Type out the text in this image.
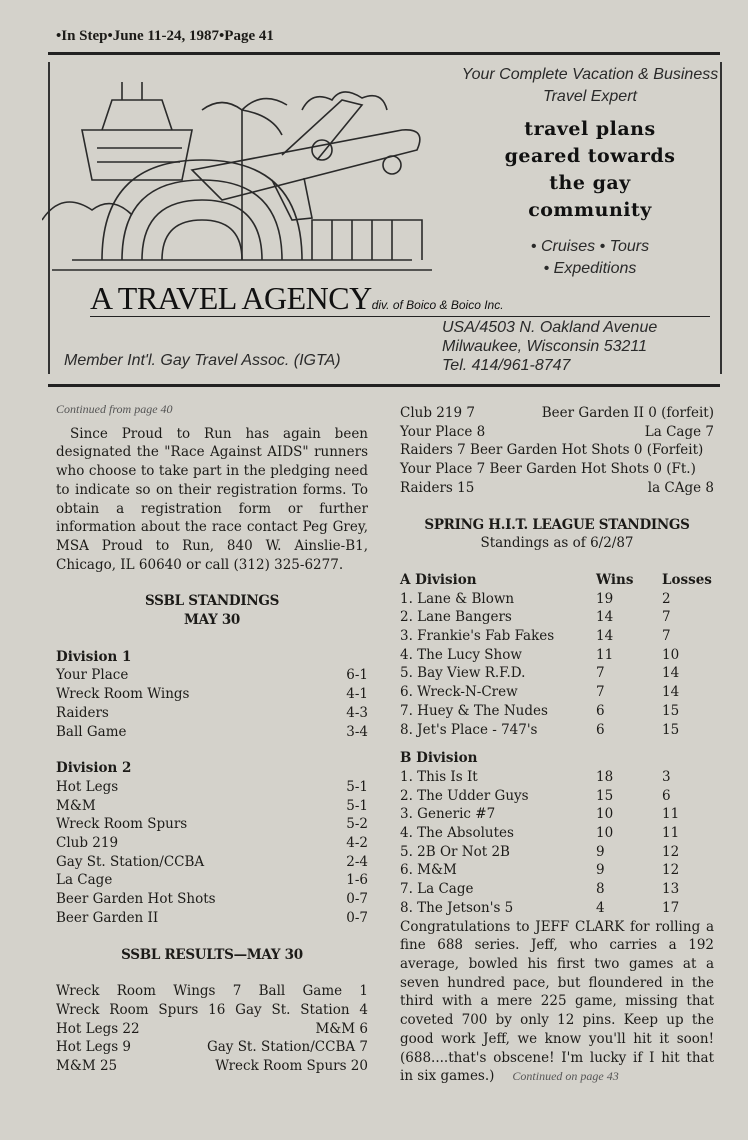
•In Step•June 11-24, 1987•Page 41
Your Complete Vacation & Business Travel Expert
travel plans
geared towards
the gay
community
• Cruises • Tours
• Expeditions
A TRAVEL AGENCYdiv. of Boico & Boico Inc.
Member Int'l. Gay Travel Assoc. (IGTA)
USA/4503 N. Oakland Avenue
Milwaukee, Wisconsin 53211
Tel. 414/961-8747
Continued from page 40
Since Proud to Run has again been designated the "Race Against AIDS" runners who choose to take part in the pledging need to indicate so on their registration forms. To obtain a registration form or further information about the race contact Peg Grey, MSA Proud to Run, 840 W. Ainslie-B1, Chicago, IL 60640 or call (312) 325-6277.
SSBL STANDINGS
MAY 30
Division 1
Your Place	6-1
Wreck Room Wings	4-1
Raiders	4-3
Ball Game	3-4
Division 2
Hot Legs	5-1
M&M	5-1
Wreck Room Spurs	5-2
Club 219	4-2
Gay St. Station/CCBA	2-4
La Cage	1-6
Beer Garden Hot Shots	0-7
Beer Garden II	0-7
SSBL RESULTS—MAY 30
Wreck Room Wings 7 Ball Game 1
Wreck Room Spurs 16 Gay St. Station 4
Hot Legs 22	M&M 6
Hot Legs 9	Gay St. Station/CCBA 7
M&M 25	Wreck Room Spurs 20
Club 219 7	Beer Garden II 0 (forfeit)
Your Place 8	La Cage 7
Raiders 7 Beer Garden Hot Shots 0 (Forfeit)
Your Place 7 Beer Garden Hot Shots 0 (Ft.)
Raiders 15	la CAge 8
SPRING H.I.T. LEAGUE STANDINGS
Standings as of 6/2/87
A Division	Wins	Losses
1. Lane & Blown	19	2
2. Lane Bangers	14	7
3. Frankie's Fab Fakes	14	7
4. The Lucy Show	11	10
5. Bay View R.F.D.	7	14
6. Wreck-N-Crew	7	14
7. Huey & The Nudes	6	15
8. Jet's Place - 747's	6	15
B Division		
1. This Is It	18	3
2. The Udder Guys	15	6
3. Generic #7	10	11
4. The Absolutes	10	11
5. 2B Or Not 2B	9	12
6. M&M	9	12
7. La Cage	8	13
8. The Jetson's 5	4	17
Congratulations to JEFF CLARK for rolling a fine 688 series. Jeff, who carries a 192 average, bowled his first two games at a seven hundred pace, but floundered in the third with a mere 225 game, missing that coveted 700 by only 12 pins. Keep up the good work Jeff, we know you'll hit it soon! (688....that's obscene! I'm lucky if I hit that in six games.) Continued on page 43
